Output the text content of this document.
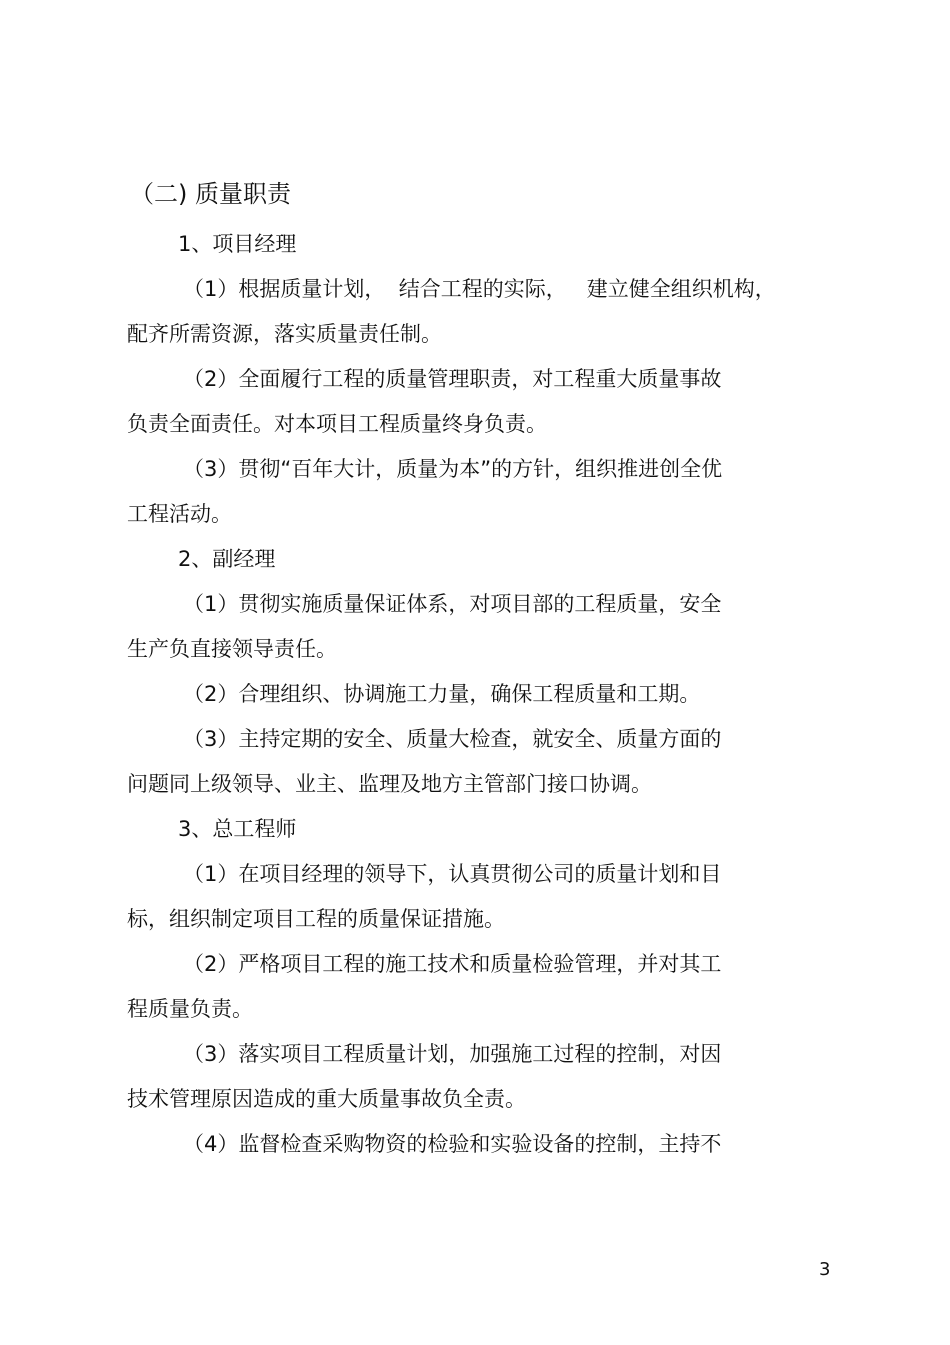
（二) 质量职责
1、项目经理
（1）根据质量计划，  结合工程的实际，   建立健全组织机构，
配齐所需资源，落实质量责任制。
（2）全面履行工程的质量管理职责，对工程重大质量事故
负责全面责任。对本项目工程质量终身负责。
（3）贯彻“百年大计，质量为本”的方针，组织推进创全优
工程活动。
2、副经理
（1）贯彻实施质量保证体系，对项目部的工程质量，安全
生产负直接领导责任。
（2）合理组织、协调施工力量，确保工程质量和工期。
（3）主持定期的安全、质量大检查，就安全、质量方面的
问题同上级领导、业主、监理及地方主管部门接口协调。
3、总工程师
（1）在项目经理的领导下，认真贯彻公司的质量计划和目
标，组织制定项目工程的质量保证措施。
（2）严格项目工程的施工技术和质量检验管理，并对其工
程质量负责。
（3）落实项目工程质量计划，加强施工过程的控制，对因
技术管理原因造成的重大质量事故负全责。
（4）监督检查采购物资的检验和实验设备的控制，主持不
3
